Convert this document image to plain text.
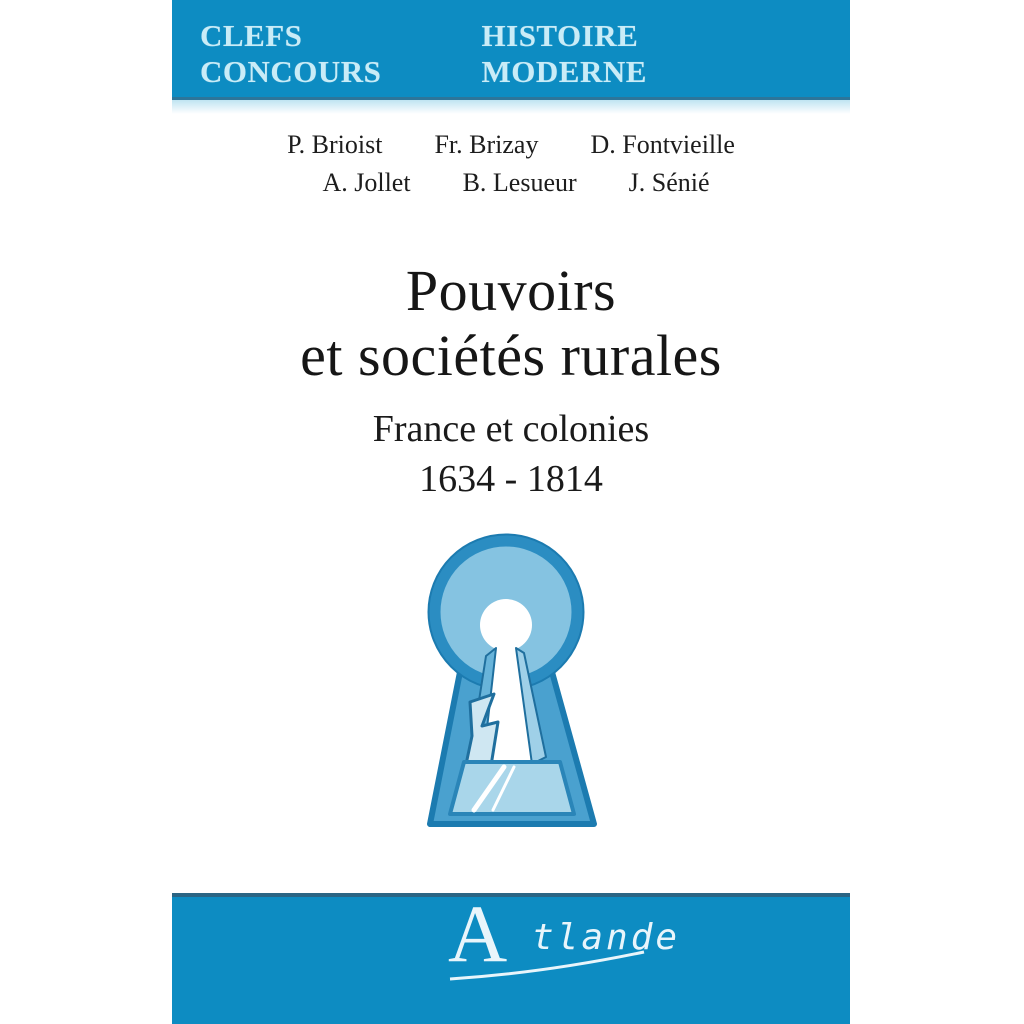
CLEFS CONCOURS
HISTOIRE MODERNE
P. Brioist Fr. Brizay D. Fontvieille
A. Jollet B. Lesueur J. Sénié
Pouvoirs
et sociétés rurales
France et colonies
1634 - 1814
A tlande
